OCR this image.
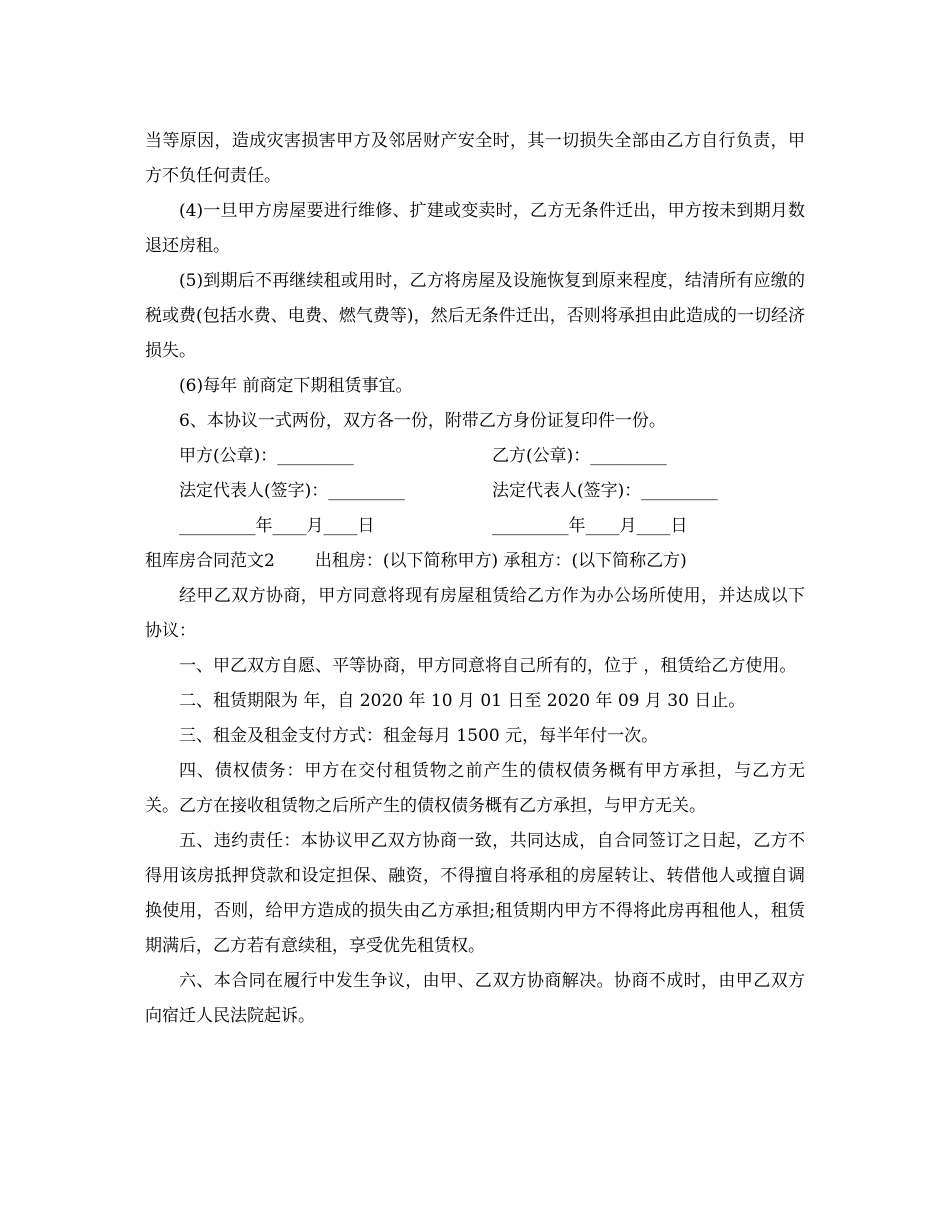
当等原因，造成灾害损害甲方及邻居财产安全时，其一切损失全部由乙方自行负责，甲方不负任何责任。

(4)一旦甲方房屋要进行维修、扩建或变卖时，乙方无条件迁出，甲方按未到期月数退还房租。

(5)到期后不再继续租或用时，乙方将房屋及设施恢复到原来程度，结清所有应缴的税或费(包括水费、电费、燃气费等)，然后无条件迁出，否则将承担由此造成的一切经济损失。

(6)每年 前商定下期租赁事宜。

6、本协议一式两份，双方各一份，附带乙方身份证复印件一份。

甲方(公章)：_________	乙方(公章)：_________
法定代表人(签字)：_________	法定代表人(签字)：_________
_________年____月____日	_________年____月____日

租库房合同范文2 出租房：(以下简称甲方) 承租方：(以下简称乙方)

经甲乙双方协商，甲方同意将现有房屋租赁给乙方作为办公场所使用，并达成以下协议：

一、甲乙双方自愿、平等协商，甲方同意将自己所有的，位于 ，租赁给乙方使用。

二、租赁期限为 年，自 2020 年 10 月 01 日至 2020 年 09 月 30 日止。

三、租金及租金支付方式：租金每月 1500 元，每半年付一次。

四、债权债务：甲方在交付租赁物之前产生的债权债务概有甲方承担，与乙方无关。乙方在接收租赁物之后所产生的债权债务概有乙方承担，与甲方无关。

五、违约责任：本协议甲乙双方协商一致，共同达成，自合同签订之日起，乙方不得用该房抵押贷款和设定担保、融资，不得擅自将承租的房屋转让、转借他人或擅自调换使用，否则，给甲方造成的损失由乙方承担;租赁期内甲方不得将此房再租他人，租赁期满后，乙方若有意续租，享受优先租赁权。

六、本合同在履行中发生争议，由甲、乙双方协商解决。协商不成时，由甲乙双方向宿迁人民法院起诉。
